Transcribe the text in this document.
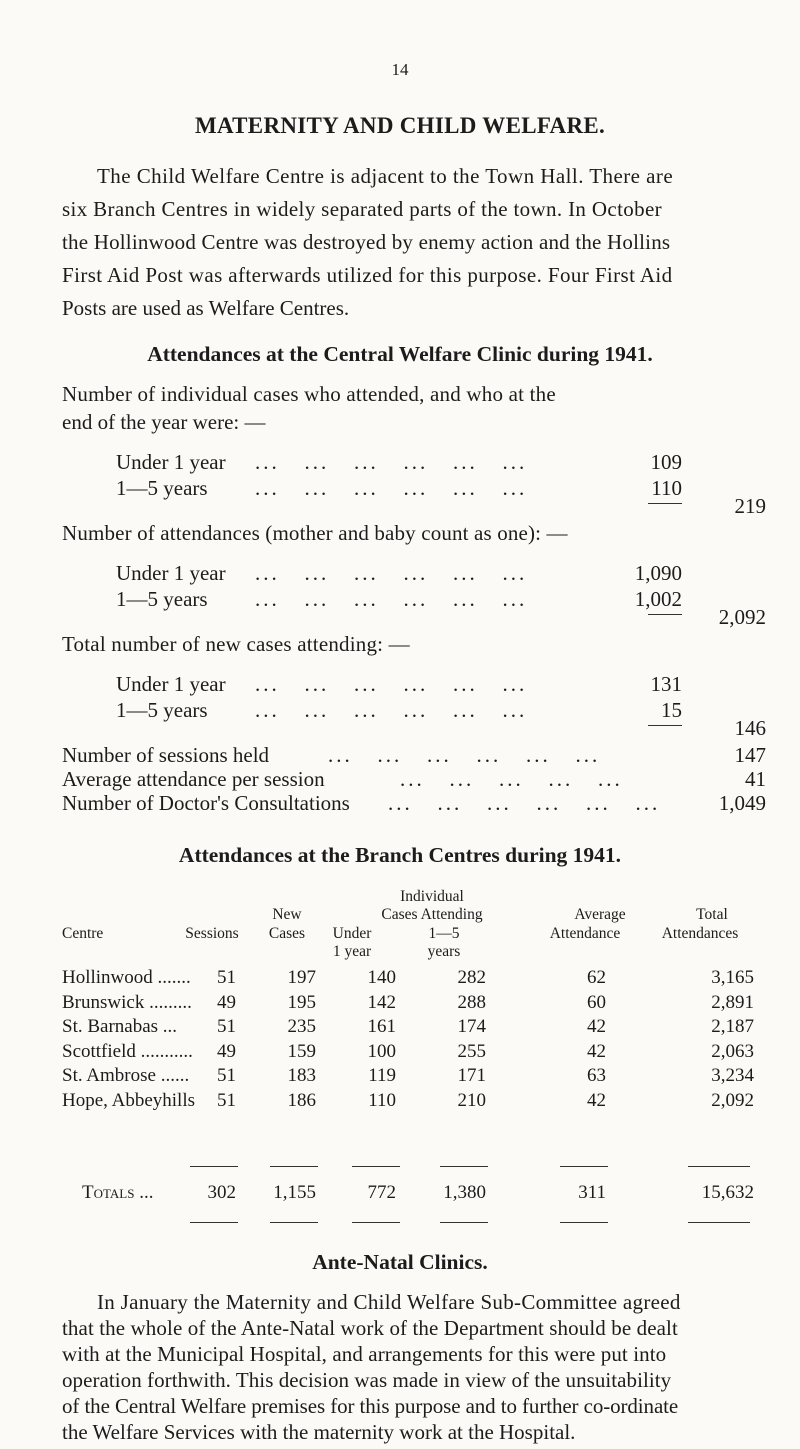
14
MATERNITY AND CHILD WELFARE.
The Child Welfare Centre is adjacent to the Town Hall. There are
six Branch Centres in widely separated parts of the town. In October
the Hollinwood Centre was destroyed by enemy action and the Hollins
First Aid Post was afterwards utilized for this purpose. Four First Aid
Posts are used as Welfare Centres.
Attendances at the Central Welfare Clinic during 1941.
Number of individual cases who attended, and who at the
end of the year were: —
Under 1 year ...   ...   ...   ...   ...   ...	109
1—5 years ...   ...   ...   ...   ...   ...	110
219
Number of attendances (mother and baby count as one): —
Under 1 year ...   ...   ...   ...   ...   ...	1,090
1—5 years ...   ...   ...   ...   ...   ...	1,002
2,092
Total number of new cases attending: —
Under 1 year ...   ...   ...   ...   ...   ...	131
1—5 years ...   ...   ...   ...   ...   ...	15
146
Number of sessions held	...   ...   ...   ...   ...   ...	147
Average attendance per session	...   ...   ...   ...   ...	41
Number of Doctor's Consultations ...   ...   ...   ...   ...   ...	1,049
Attendances at the Branch Centres during 1941.
Individual
Cases Attending
New	Average	Total
Centre	Sessions	Cases	Under	1—5	Attendance	Attendances
1 year	years
Hollinwood .......	51	197	140	282	62	3,165
Brunswick .........	49	195	142	288	60	2,891
St. Barnabas ...	51	235	161	174	42	2,187
Scottfield ...........	49	159	100	255	42	2,063
St. Ambrose ......	51	183	119	171	63	3,234
Hope, Abbeyhills	51	186	110	210	42	2,092
Totals ...	302	1,155	772	1,380	311	15,632
Ante-Natal Clinics.
In January the Maternity and Child Welfare Sub-Committee agreed
that the whole of the Ante-Natal work of the Department should be dealt
with at the Municipal Hospital, and arrangements for this were put into
operation forthwith. This decision was made in view of the unsuitability
of the Central Welfare premises for this purpose and to further co-ordinate
the Welfare Services with the maternity work at the Hospital.
